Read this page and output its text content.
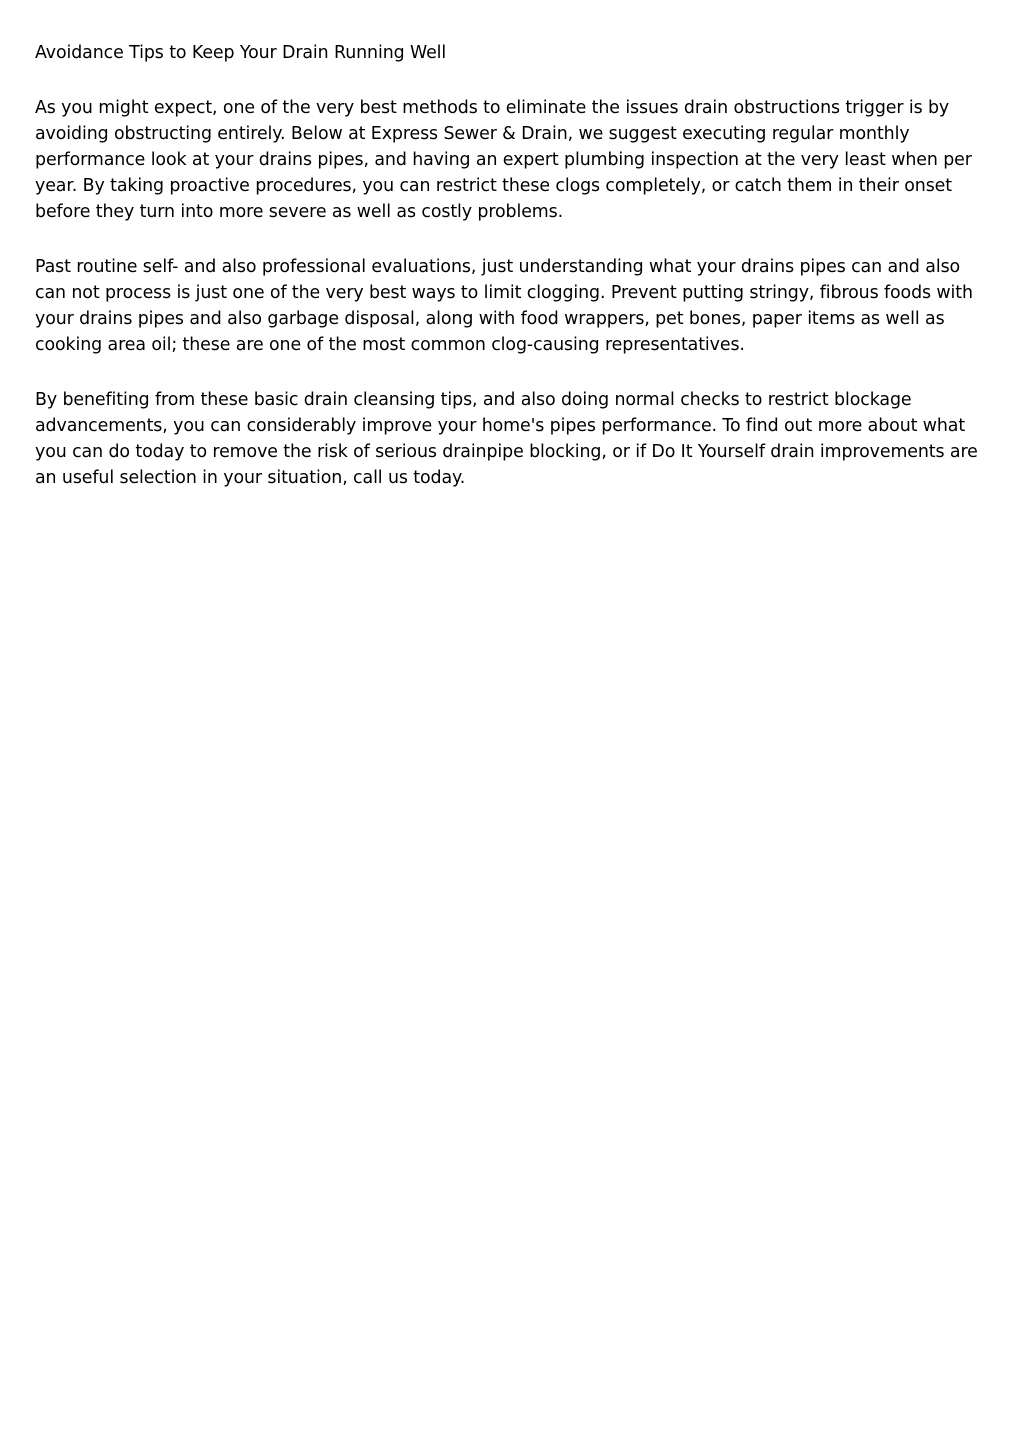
Avoidance Tips to Keep Your Drain Running Well

As you might expect, one of the very best methods to eliminate the issues drain obstructions trigger is by avoiding obstructing entirely. Below at Express Sewer & Drain, we suggest executing regular monthly performance look at your drains pipes, and having an expert plumbing inspection at the very least when per year. By taking proactive procedures, you can restrict these clogs completely, or catch them in their onset before they turn into more severe as well as costly problems.

Past routine self- and also professional evaluations, just understanding what your drains pipes can and also can not process is just one of the very best ways to limit clogging. Prevent putting stringy, fibrous foods with your drains pipes and also garbage disposal, along with food wrappers, pet bones, paper items as well as cooking area oil; these are one of the most common clog-causing representatives.

By benefiting from these basic drain cleansing tips, and also doing normal checks to restrict blockage advancements, you can considerably improve your home's pipes performance. To find out more about what you can do today to remove the risk of serious drainpipe blocking, or if Do It Yourself drain improvements are an useful selection in your situation, call us today.
